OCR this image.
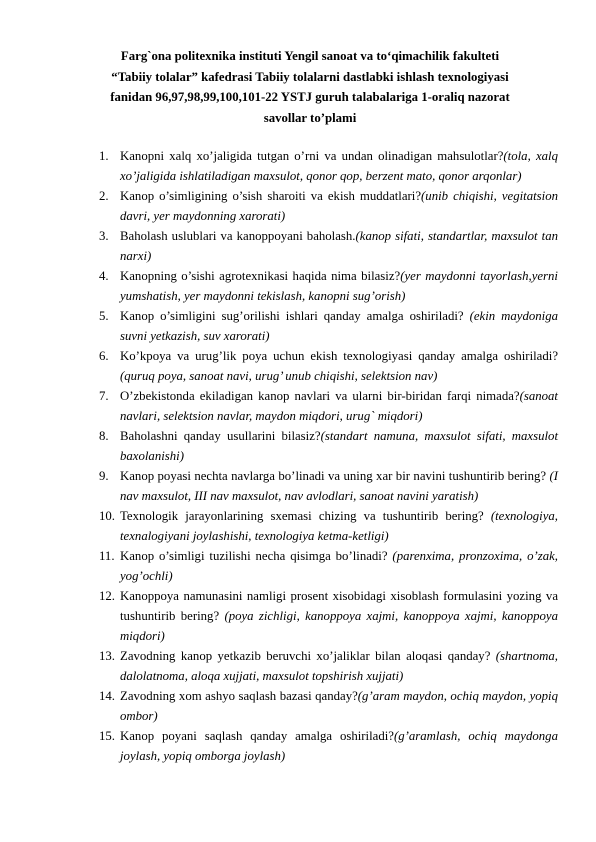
Farg`ona politexnika instituti Yengil sanoat va to‘qimachilik fakulteti
“Tabiiy tolalar” kafedrasi Tabiiy tolalarni dastlabki ishlash texnologiyasi
fanidan 96,97,98,99,100,101-22 YSTJ guruh talabalariga 1-oraliq nazorat
savollar to’plami
1. Kanopni xalq xo’jaligida tutgan o’rni va undan olinadigan mahsulotlar?(tola, xalq xo’jaligida ishlatiladigan maxsulot, qonor qop, berzent mato, qonor arqonlar)
2. Kanop o’simligining o’sish sharoiti va ekish muddatlari?(unib chiqishi, vegitatsion davri, yer maydonning xarorati)
3. Baholash uslublari va kanoppoyani baholash.(kanop sifati, standartlar, maxsulot tan narxi)
4. Kanopning o’sishi agrotexnikasi haqida nima bilasiz?(yer maydonni tayorlash,yerni yumshatish, yer maydonni tekislash, kanopni sug’orish)
5. Kanop o’simligini sug’orilishi ishlari qanday amalga oshiriladi? (ekin maydoniga suvni yetkazish, suv xarorati)
6. Ko’kpoya va urug’lik poya uchun ekish texnologiyasi qanday amalga oshiriladi? (quruq poya, sanoat navi, urug’ unub chiqishi, selektsion nav)
7. O’zbekistonda ekiladigan kanop navlari va ularni bir-biridan farqi nimada?(sanoat navlari, selektsion navlar, maydon miqdori, urug` miqdori)
8. Baholashni qanday usullarini bilasiz?(standart namuna, maxsulot sifati, maxsulot baxolanishi)
9. Kanop poyasi nechta navlarga bo’linadi va uning xar bir navini tushuntirib bering? (I nav maxsulot, III nav maxsulot, nav avlodlari, sanoat navini yaratish)
10. Texnologik jarayonlarining sxemasi chizing va tushuntirib bering? (texnologiya, texnalogiyani joylashishi, texnologiya ketma-ketligi)
11. Kanop o’simligi tuzilishi necha qisimga bo’linadi? (parenxima, pronzoxima, o’zak, yog’ochli)
12. Kanoppoya namunasini namligi prosent xisobidagi xisoblash formulasini yozing va tushuntirib bering? (poya zichligi, kanoppoya xajmi, kanoppoya xajmi, kanoppoya miqdori)
13. Zavodning kanop yetkazib beruvchi xo’jaliklar bilan aloqasi qanday? (shartnoma, dalolatnoma, aloqa xujjati, maxsulot topshirish xujjati)
14. Zavodning xom ashyo saqlash bazasi qanday?(g’aram maydon, ochiq maydon, yopiq ombor)
15. Kanop poyani saqlash qanday amalga oshiriladi?(g’aramlash, ochiq maydonga joylash, yopiq omborga joylash)
